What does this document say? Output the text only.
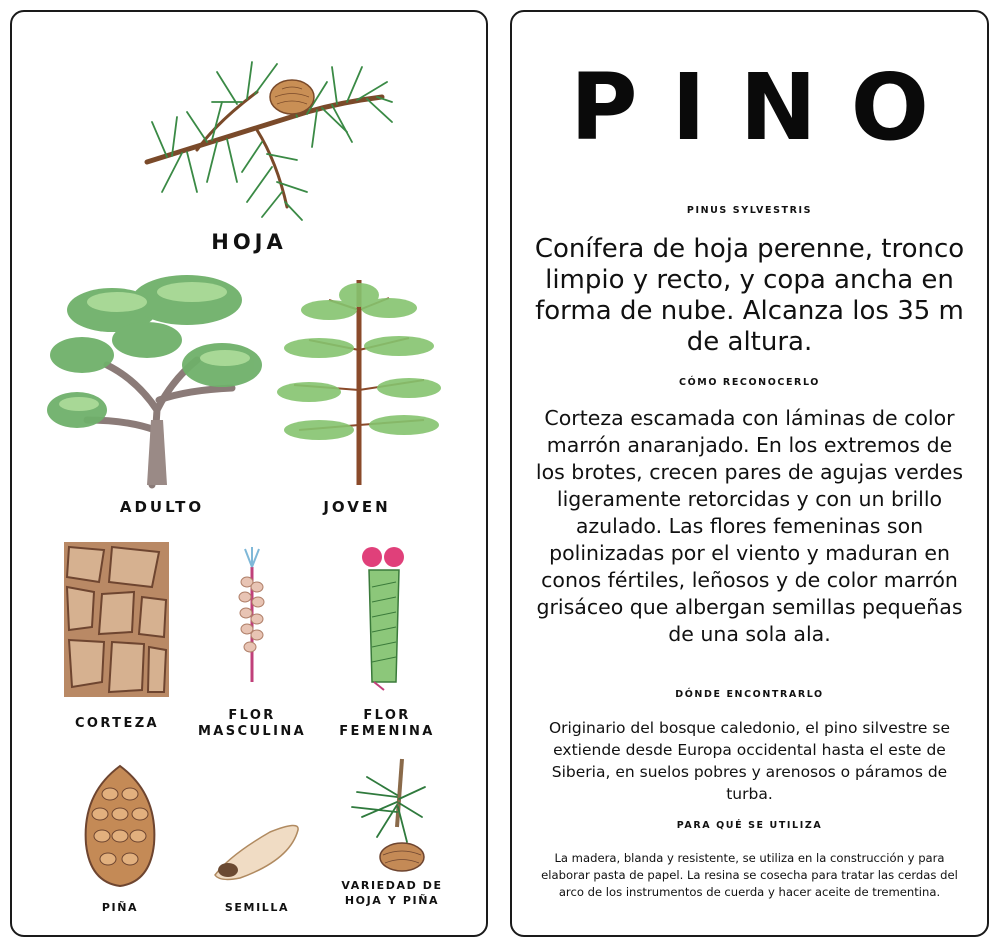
HOJA
ADULTO	JOVEN
CORTEZA
FLOR
MASCULINA
FLOR
FEMENINA
PIÑA	SEMILLA
VARIEDAD DE
HOJA Y PIÑA
PINO
PINUS SYLVESTRIS
Conífera de hoja perenne, tronco limpio y recto, y copa ancha en forma de nube. Alcanza los 35 m de altura.
CÓMO RECONOCERLO
Corteza escamada con láminas de color marrón anaranjado. En los extremos de los brotes, crecen pares de agujas verdes ligeramente retorcidas y con un brillo azulado. Las flores femeninas son polinizadas por el viento y maduran en conos fértiles, leñosos y de color marrón grisáceo que albergan semillas pequeñas de una sola ala.
DÓNDE ENCONTRARLO
Originario del bosque caledonio, el pino silvestre se extiende desde Europa occidental hasta el este de Siberia, en suelos pobres y arenosos o páramos de turba.
PARA QUÉ SE UTILIZA
La madera, blanda y resistente, se utiliza en la construcción y para elaborar pasta de papel. La resina se cosecha para tratar las cerdas del arco de los instrumentos de cuerda y hacer aceite de trementina.
